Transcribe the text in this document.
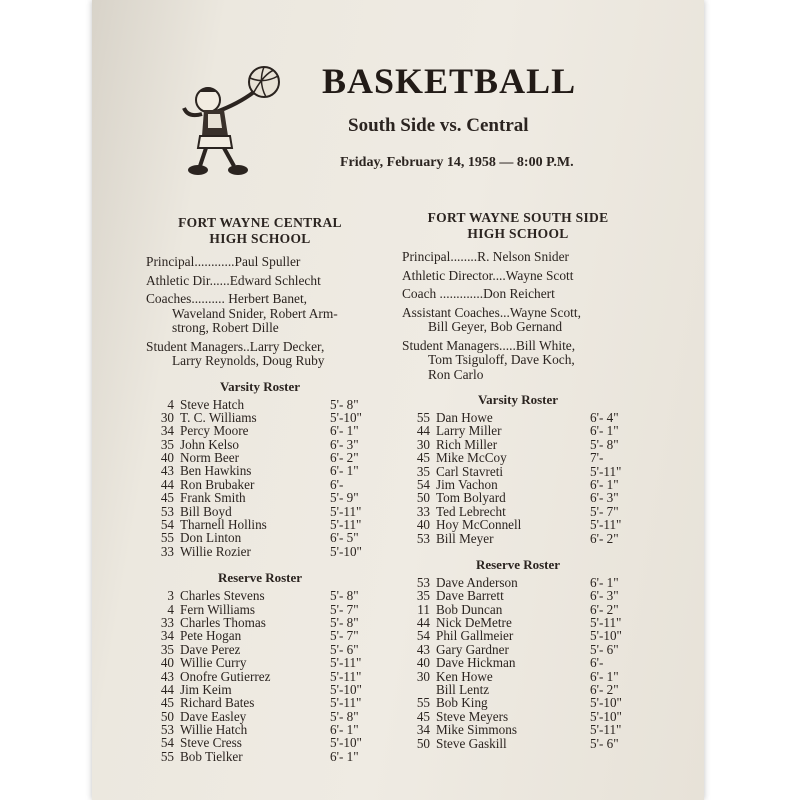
BASKETBALL
South Side vs. Central
Friday, February 14, 1958 — 8:00 P.M.
FORT WAYNE CENTRAL
HIGH SCHOOL
Principal............Paul Spuller
Athletic Dir......Edward Schlecht
Coaches.......... Herbert Banet,
Waveland Snider, Robert Arm-
strong, Robert Dille
Student Managers..Larry Decker,
Larry Reynolds, Doug Ruby
Varsity Roster
4 Steve Hatch	5'- 8"
30 T. C. Williams	5'-10"
34 Percy Moore	6'- 1"
35 John Kelso	6'- 3"
40 Norm Beer	6'- 2"
43 Ben Hawkins	6'- 1"
44 Ron Brubaker	6'-
45 Frank Smith	5'- 9"
53 Bill Boyd	5'-11"
54 Tharnell Hollins	5'-11"
55 Don Linton	6'- 5"
33 Willie Rozier	5'-10"
Reserve Roster
3 Charles Stevens	5'- 8"
4 Fern Williams	5'- 7"
33 Charles Thomas	5'- 8"
34 Pete Hogan	5'- 7"
35 Dave Perez	5'- 6"
40 Willie Curry	5'-11"
43 Onofre Gutierrez	5'-11"
44 Jim Keim	5'-10"
45 Richard Bates	5'-11"
50 Dave Easley	5'- 8"
53 Willie Hatch	6'- 1"
54 Steve Cress	5'-10"
55 Bob Tielker	6'- 1"
FORT WAYNE SOUTH SIDE
HIGH SCHOOL
Principal........R. Nelson Snider
Athletic Director....Wayne Scott
Coach .............Don Reichert
Assistant Coaches...Wayne Scott,
Bill Geyer, Bob Gernand
Student Managers.....Bill White,
Tom Tsiguloff, Dave Koch,
Ron Carlo
Varsity Roster
55 Dan Howe	6'- 4"
44 Larry Miller	6'- 1"
30 Rich Miller	5'- 8"
45 Mike McCoy	7'-
35 Carl Stavreti	5'-11"
54 Jim Vachon	6'- 1"
50 Tom Bolyard	6'- 3"
33 Ted Lebrecht	5'- 7"
40 Hoy McConnell	5'-11"
53 Bill Meyer	6'- 2"
Reserve Roster
53 Dave Anderson	6'- 1"
35 Dave Barrett	6'- 3"
11 Bob Duncan	6'- 2"
44 Nick DeMetre	5'-11"
54 Phil Gallmeier	5'-10"
43 Gary Gardner	5'- 6"
40 Dave Hickman	6'-
30 Ken Howe	6'- 1"
Bill Lentz	6'- 2"
55 Bob King	5'-10"
45 Steve Meyers	5'-10"
34 Mike Simmons	5'-11"
50 Steve Gaskill	5'- 6"
